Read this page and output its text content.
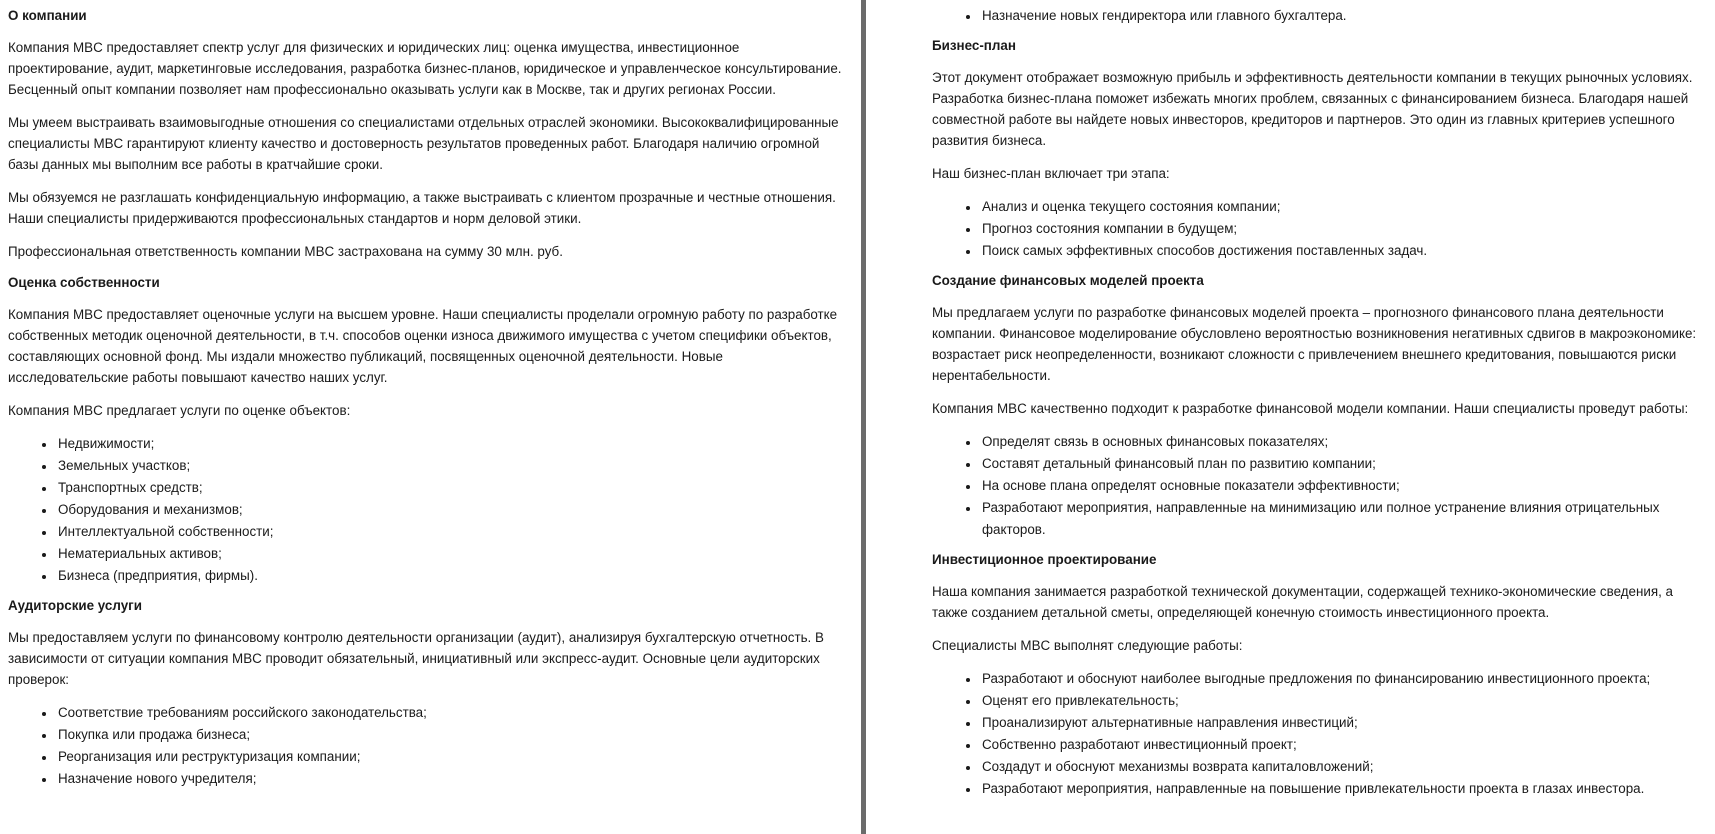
О компании

Компания MBC предоставляет спектр услуг для физических и юридических лиц: оценка имущества, инвестиционное проектирование, аудит, маркетинговые исследования, разработка бизнес-планов, юридическое и управленческое консультирование. Бесценный опыт компании позволяет нам профессионально оказывать услуги как в Москве, так и других регионах России.

Мы умеем выстраивать взаимовыгодные отношения со специалистами отдельных отраслей экономики. Высококвалифицированные специалисты MBC гарантируют клиенту качество и достоверность результатов проведенных работ. Благодаря наличию огромной базы данных мы выполним все работы в кратчайшие сроки.

Мы обязуемся не разглашать конфиденциальную информацию, а также выстраивать с клиентом прозрачные и честные отношения. Наши специалисты придерживаются профессиональных стандартов и норм деловой этики.

Профессиональная ответственность компании MBC застрахована на сумму 30 млн. руб.

Оценка собственности

Компания MBC предоставляет оценочные услуги на высшем уровне. Наши специалисты проделали огромную работу по разработке собственных методик оценочной деятельности, в т.ч. способов оценки износа движимого имущества с учетом специфики объектов, составляющих основной фонд. Мы издали множество публикаций, посвященных оценочной деятельности. Новые исследовательские работы повышают качество наших услуг.

Компания MBC предлагает услуги по оценке объектов:

• Недвижимости;
• Земельных участков;
• Транспортных средств;
• Оборудования и механизмов;
• Интеллектуальной собственности;
• Нематериальных активов;
• Бизнеса (предприятия, фирмы).
Аудиторские услуги

Мы предоставляем услуги по финансовому контролю деятельности организации (аудит), анализируя бухгалтерскую отчетность. В зависимости от ситуации компания MBC проводит обязательный, инициативный или экспресс-аудит. Основные цели аудиторских проверок:

• Соответствие требованиям российского законодательства;
• Покупка или продажа бизнеса;
• Реорганизация или реструктуризация компании;
• Назначение нового учредителя;
• Назначение новых гендиректора или главного бухгалтера.
Бизнес-план

Этот документ отображает возможную прибыль и эффективность деятельности компании в текущих рыночных условиях. Разработка бизнес-плана поможет избежать многих проблем, связанных с финансированием бизнеса. Благодаря нашей совместной работе вы найдете новых инвесторов, кредиторов и партнеров. Это один из главных критериев успешного развития бизнеса.

Наш бизнес-план включает три этапа:

• Анализ и оценка текущего состояния компании;
• Прогноз состояния компании в будущем;
• Поиск самых эффективных способов достижения поставленных задач.
Создание финансовых моделей проекта

Мы предлагаем услуги по разработке финансовых моделей проекта – прогнозного финансового плана деятельности компании. Финансовое моделирование обусловлено вероятностью возникновения негативных сдвигов в макроэкономике: возрастает риск неопределенности, возникают сложности с привлечением внешнего кредитования, повышаются риски нерентабельности.

Компания MBC качественно подходит к разработке финансовой модели компании. Наши специалисты проведут работы:

• Определят связь в основных финансовых показателях;
• Составят детальный финансовый план по развитию компании;
• На основе плана определят основные показатели эффективности;
• Разработают мероприятия, направленные на минимизацию или полное устранение влияния отрицательных факторов.
Инвестиционное проектирование

Наша компания занимается разработкой технической документации, содержащей технико-экономические сведения, а также созданием детальной сметы, определяющей конечную стоимость инвестиционного проекта.

Специалисты MBC выполнят следующие работы:

• Разработают и обоснуют наиболее выгодные предложения по финансированию инвестиционного проекта;
• Оценят его привлекательность;
• Проанализируют альтернативные направления инвестиций;
• Собственно разработают инвестиционный проект;
• Создадут и обоснуют механизмы возврата капиталовложений;
• Разработают мероприятия, направленные на повышение привлекательности проекта в глазах инвестора.
